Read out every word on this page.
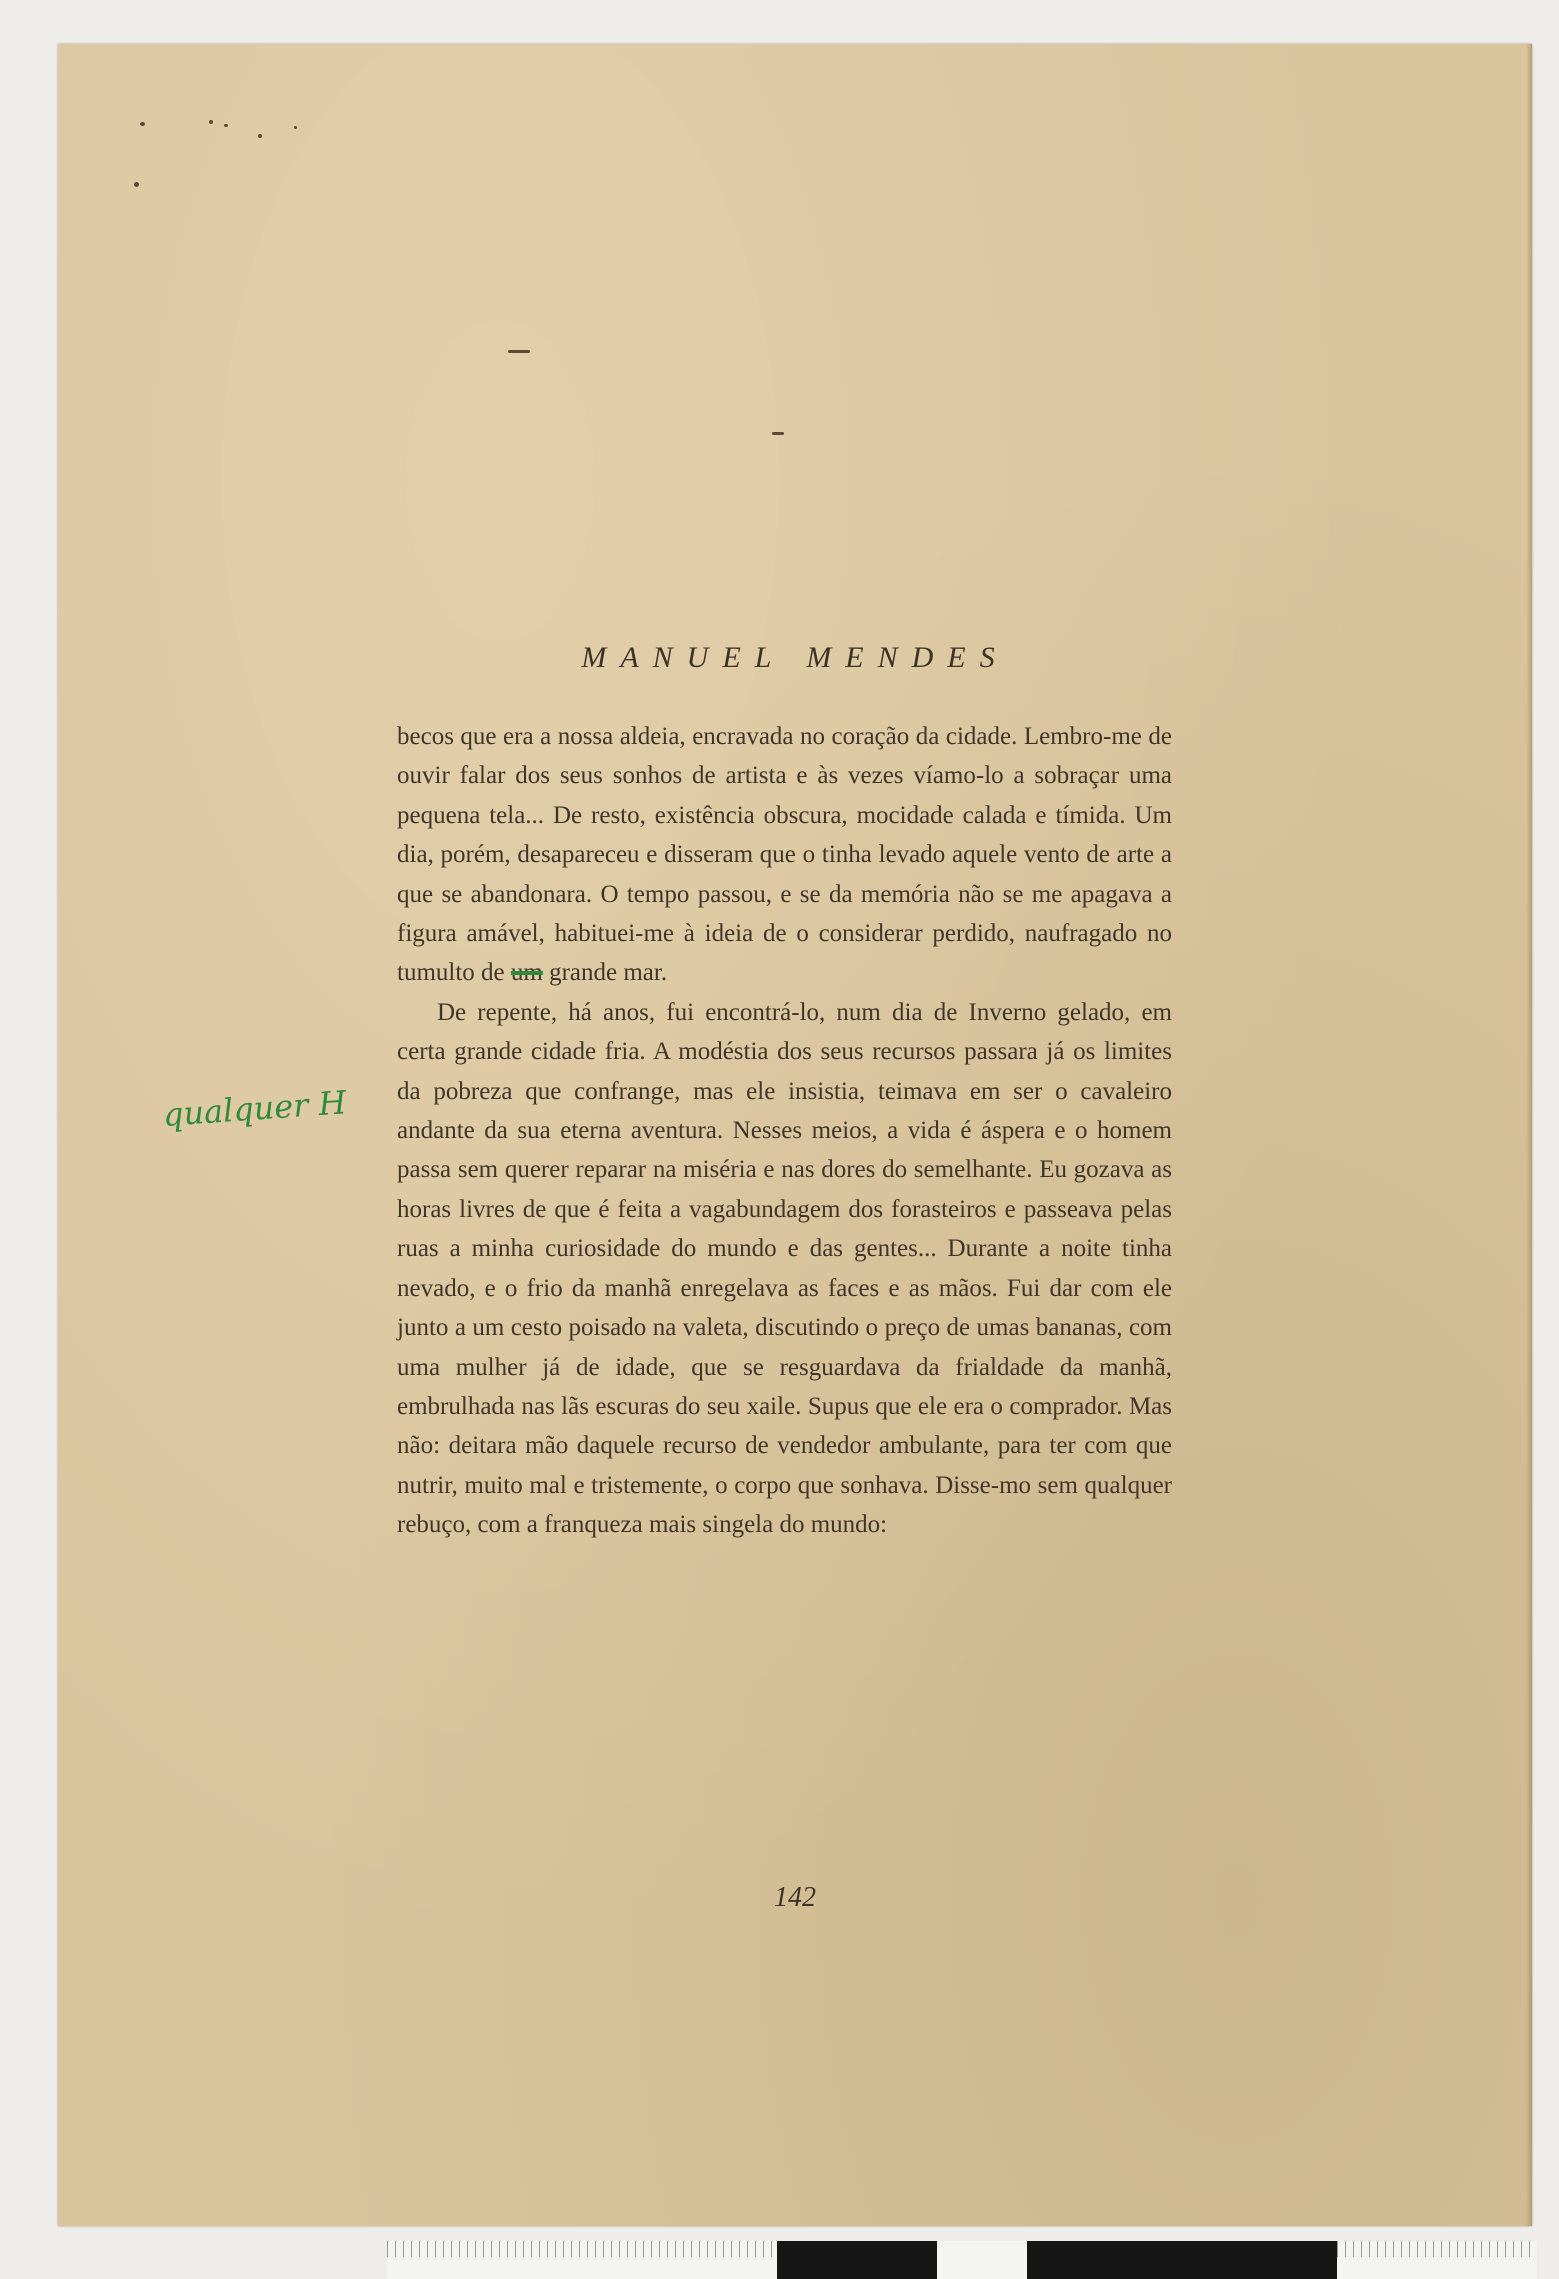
MANUEL MENDES

becos que era a nossa aldeia, encravada no coração da cidade. Lembro-me de ouvir falar dos seus sonhos de artista e às vezes víamo-lo a sobraçar uma pequena tela... De resto, existência obscura, mocidade calada e tímida. Um dia, porém, desapareceu e disseram que o tinha levado aquele vento de arte a que se abandonara. O tempo passou, e se da memória não se me apagava a figura amável, habituei-me à ideia de o considerar perdido, naufragado no tumulto de um grande mar.

De repente, há anos, fui encontrá-lo, num dia de Inverno gelado, em certa grande cidade fria. A modéstia dos seus recursos passara já os limites da pobreza que confrange, mas ele insistia, teimava em ser o cavaleiro andante da sua eterna aventura. Nesses meios, a vida é áspera e o homem passa sem querer reparar na miséria e nas dores do semelhante. Eu gozava as horas livres de que é feita a vagabundagem dos forasteiros e passeava pelas ruas a minha curiosidade do mundo e das gentes... Durante a noite tinha nevado, e o frio da manhã enregelava as faces e as mãos. Fui dar com ele junto a um cesto poisado na valeta, discutindo o preço de umas bananas, com uma mulher já de idade, que se resguardava da frialdade da manhã, embrulhada nas lãs escuras do seu xaile. Supus que ele era o comprador. Mas não: deitara mão daquele recurso de vendedor ambulante, para ter com que nutrir, muito mal e tristemente, o corpo que sonhava. Disse-mo sem qualquer rebuço, com a franqueza mais singela do mundo:

qualquer H
142
